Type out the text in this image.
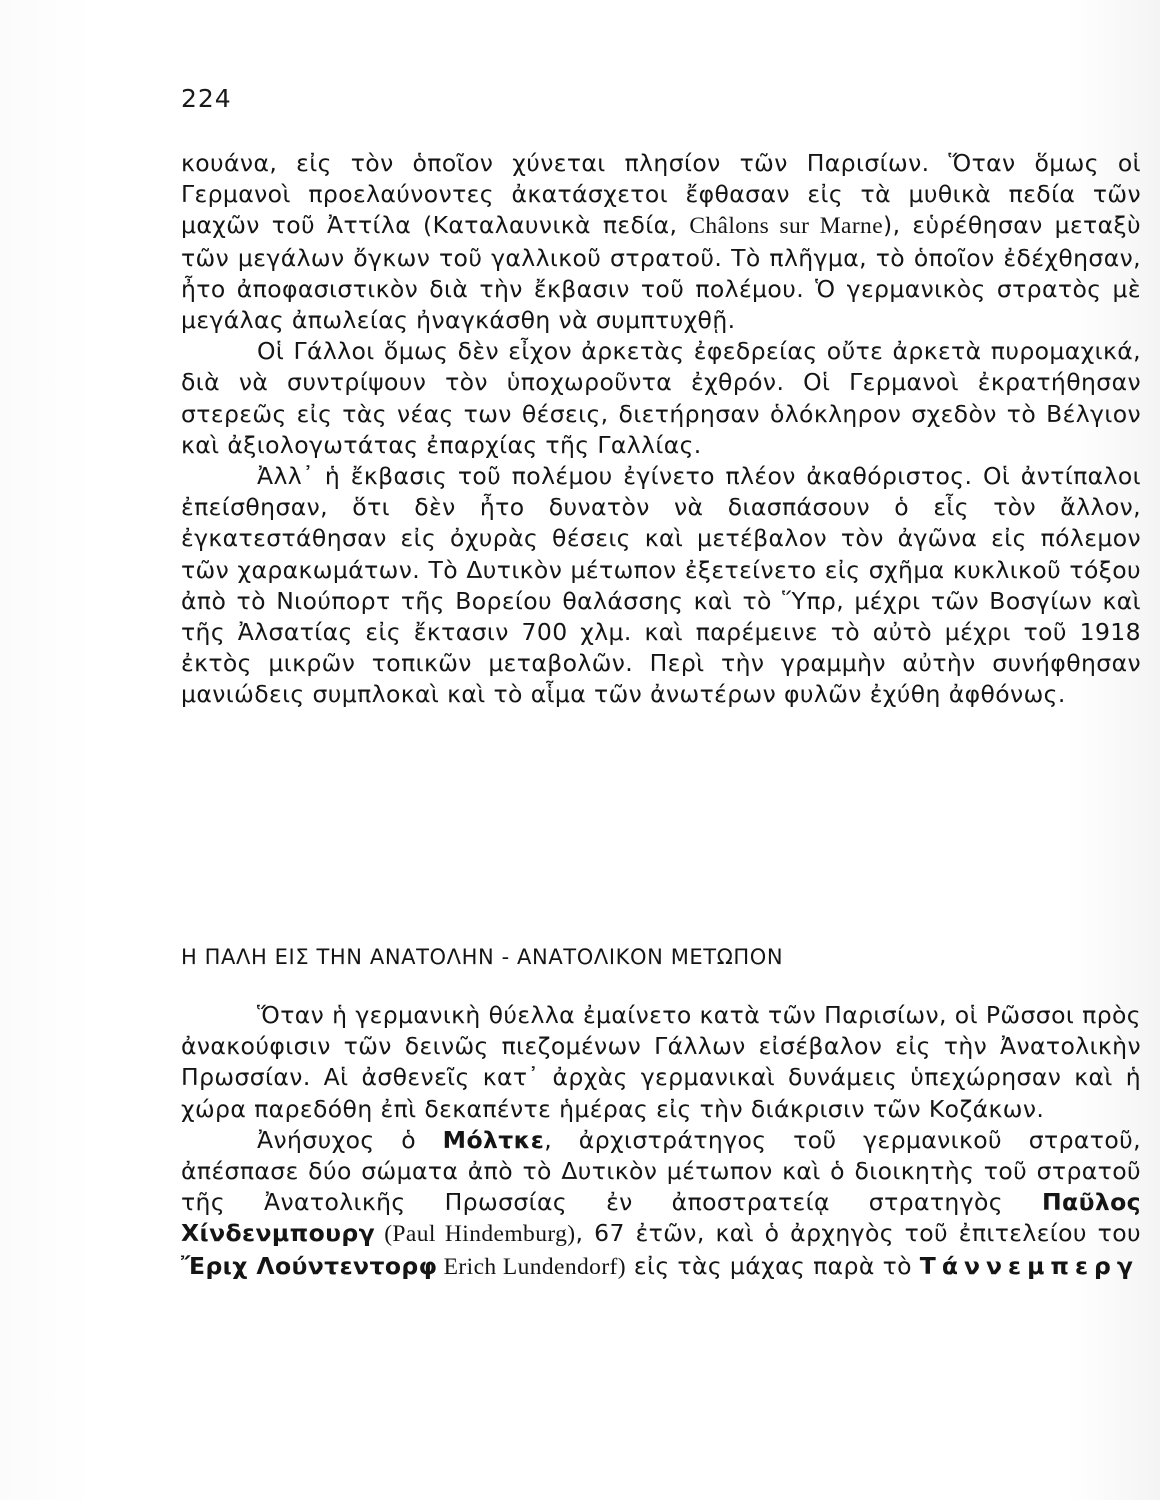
224

κουάνα, εἰς τὸν ὁποῖον χύνεται πλησίον τῶν Παρισίων. Ὅταν ὅμως οἱ Γερμανοὶ προελαύνοντες ἀκατάσχετοι ἔφθασαν εἰς τὰ μυθικὰ πεδία τῶν μαχῶν τοῦ Ἀττίλα (Καταλαυνικὰ πεδία, Châlons sur Marne), εὑρέθησαν μεταξὺ τῶν μεγάλων ὄγκων τοῦ γαλλικοῦ στρατοῦ. Τὸ πλῆγμα, τὸ ὁποῖον ἐδέχθησαν, ἦτο ἀποφασιστικὸν διὰ τὴν ἔκβασιν τοῦ πολέμου. Ὁ γερμανικὸς στρατὸς μὲ μεγάλας ἀπωλείας ἠναγκάσθη νὰ συμπτυχθῇ.

Οἱ Γάλλοι ὅμως δὲν εἶχον ἀρκετὰς ἐφεδρείας οὔτε ἀρκετὰ πυρομαχικά, διὰ νὰ συντρίψουν τὸν ὑποχωροῦντα ἐχθρόν. Οἱ Γερμανοὶ ἐκρατήθησαν στερεῶς εἰς τὰς νέας των θέσεις, διετήρησαν ὁλόκληρον σχεδὸν τὸ Βέλγιον καὶ ἀξιολογωτάτας ἐπαρχίας τῆς Γαλλίας.

Ἀλλ᾽ ἡ ἔκβασις τοῦ πολέμου ἐγίνετο πλέον ἀκαθόριστος. Οἱ ἀντίπαλοι ἐπείσθησαν, ὅτι δὲν ἦτο δυνατὸν νὰ διασπάσουν ὁ εἷς τὸν ἄλλον, ἐγκατεστάθησαν εἰς ὀχυρὰς θέσεις καὶ μετέβαλον τὸν ἀγῶνα εἰς πόλεμον τῶν χαρακωμάτων. Τὸ Δυτικὸν μέτωπον ἐξετείνετο εἰς σχῆμα κυκλικοῦ τόξου ἀπὸ τὸ Νιούπορτ τῆς Βορείου θαλάσσης καὶ τὸ Ὕπρ, μέχρι τῶν Βοσγίων καὶ τῆς Ἀλσατίας εἰς ἔκτασιν 700 χλμ. καὶ παρέμεινε τὸ αὐτὸ μέχρι τοῦ 1918 ἐκτὸς μικρῶν τοπικῶν μεταβολῶν. Περὶ τὴν γραμμὴν αὐτὴν συνήφθησαν μανιώδεις συμπλοκαὶ καὶ τὸ αἷμα τῶν ἀνωτέρων φυλῶν ἐχύθη ἀφθόνως.

Η ΠΑΛΗ ΕΙΣ ΤΗΝ ΑΝΑΤΟΛΗΝ - ΑΝΑΤΟΛΙΚΟΝ ΜΕΤΩΠΟΝ

Ὅταν ἡ γερμανικὴ θύελλα ἐμαίνετο κατὰ τῶν Παρισίων, οἱ Ρῶσσοι πρὸς ἀνακούφισιν τῶν δεινῶς πιεζομένων Γάλλων εἰσέβαλον εἰς τὴν Ἀνατολικὴν Πρωσσίαν. Αἱ ἀσθενεῖς κατ᾽ ἀρχὰς γερμανικαὶ δυνάμεις ὑπεχώρησαν καὶ ἡ χώρα παρεδόθη ἐπὶ δεκαπέντε ἡμέρας εἰς τὴν διάκρισιν τῶν Κοζάκων.

Ἀνήσυχος ὁ Μόλτκε, ἀρχιστράτηγος τοῦ γερμανικοῦ στρατοῦ, ἀπέσπασε δύο σώματα ἀπὸ τὸ Δυτικὸν μέτωπον καὶ ὁ διοικητὴς τοῦ στρατοῦ τῆς Ἀνατολικῆς Πρωσσίας ἐν ἀποστρατείᾳ στρατηγὸς Παῦλος Χίνδενμπουργ (Paul Hindemburg), 67 ἐτῶν, καὶ ὁ ἀρχηγὸς τοῦ ἐπιτελείου του Ἔριχ Λούντεντορφ Erich Lundendorf) εἰς τὰς μάχας παρὰ τὸ Τάννεμπεργ
